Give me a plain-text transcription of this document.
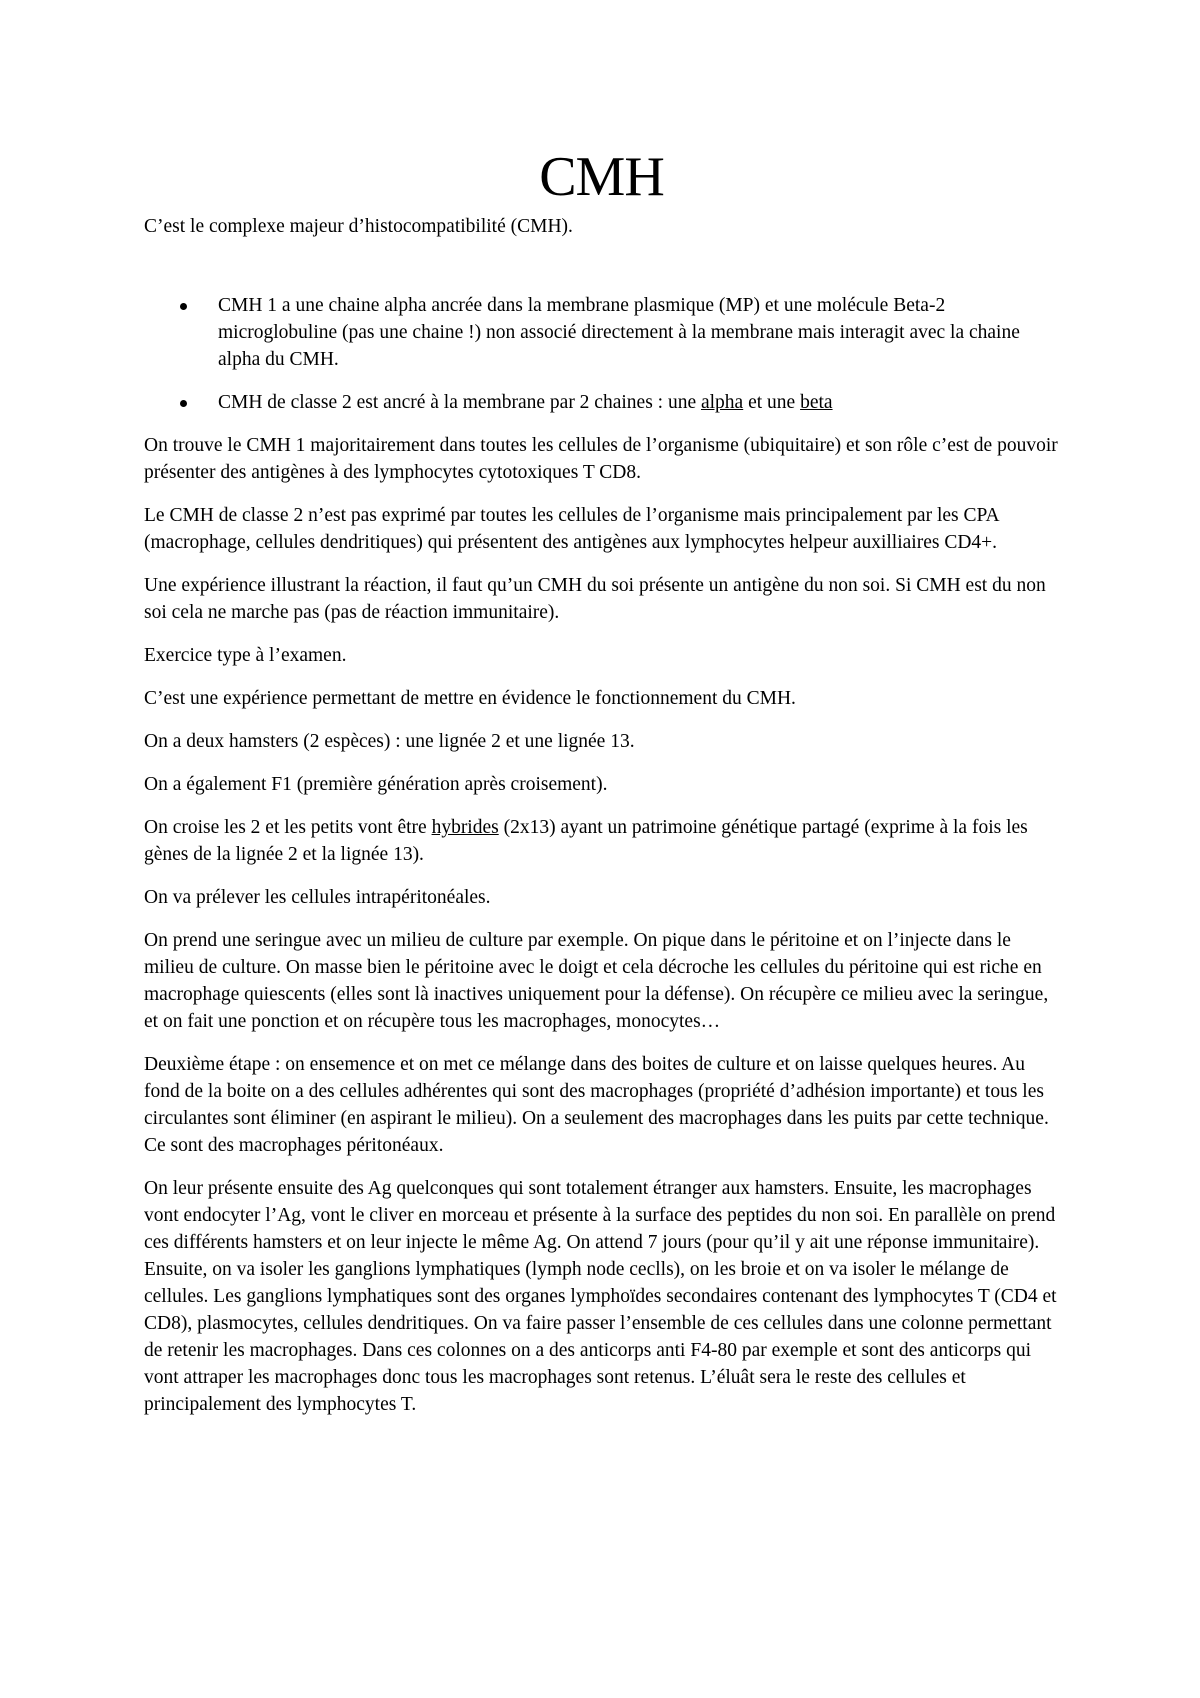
CMH

C’est le complexe majeur d’histocompatibilité (CMH).

CMH 1 a une chaine alpha ancrée dans la membrane plasmique (MP) et une molécule Beta-2 microglobuline (pas une chaine !) non associé directement à la membrane mais interagit avec la chaine alpha du CMH.
CMH de classe 2 est ancré à la membrane par 2 chaines : une alpha et une beta

On trouve le CMH 1 majoritairement dans toutes les cellules de l’organisme (ubiquitaire) et son rôle c’est de pouvoir présenter des antigènes à des lymphocytes cytotoxiques T CD8.

Le CMH de classe 2 n’est pas exprimé par toutes les cellules de l’organisme mais principalement par les CPA (macrophage, cellules dendritiques) qui présentent des antigènes aux lymphocytes helpeur auxilliaires CD4+.

Une expérience illustrant la réaction, il faut qu’un CMH du soi présente un antigène du non soi. Si CMH est du non soi cela ne marche pas (pas de réaction immunitaire).

Exercice type à l’examen.

C’est une expérience permettant de mettre en évidence le fonctionnement du CMH.

On a deux hamsters (2 espèces) : une lignée 2 et une lignée 13.

On a également F1 (première génération après croisement).

On croise les 2 et les petits vont être hybrides (2x13) ayant un patrimoine génétique partagé (exprime à la fois les gènes de la lignée 2 et la lignée 13).

On va prélever les cellules intrapéritonéales.

On prend une seringue avec un milieu de culture par exemple. On pique dans le péritoine et on l’injecte dans le milieu de culture. On masse bien le péritoine avec le doigt et cela décroche les cellules du péritoine qui est riche en macrophage quiescents (elles sont là inactives uniquement pour la défense). On récupère ce milieu avec la seringue, et on fait une ponction et on récupère tous les macrophages, monocytes…

Deuxième étape : on ensemence et on met ce mélange dans des boites de culture et on laisse quelques heures. Au fond de la boite on a des cellules adhérentes qui sont des macrophages (propriété d’adhésion importante) et tous les circulantes sont éliminer (en aspirant le milieu). On a seulement des macrophages dans les puits par cette technique. Ce sont des macrophages péritonéaux.

On leur présente ensuite des Ag quelconques qui sont totalement étranger aux hamsters. Ensuite, les macrophages vont endocyter l’Ag, vont le cliver en morceau et présente à la surface des peptides du non soi. En parallèle on prend ces différents hamsters et on leur injecte le même Ag. On attend 7 jours (pour qu’il y ait une réponse immunitaire). Ensuite, on va isoler les ganglions lymphatiques (lymph node ceclls), on les broie et on va isoler le mélange de cellules. Les ganglions lymphatiques sont des organes lymphoïdes secondaires contenant des lymphocytes T (CD4 et CD8), plasmocytes, cellules dendritiques. On va faire passer l’ensemble de ces cellules dans une colonne permettant de retenir les macrophages. Dans ces colonnes on a des anticorps anti F4-80 par exemple et sont des anticorps qui vont attraper les macrophages donc tous les macrophages sont retenus. L’éluât sera le reste des cellules et principalement des lymphocytes T.
